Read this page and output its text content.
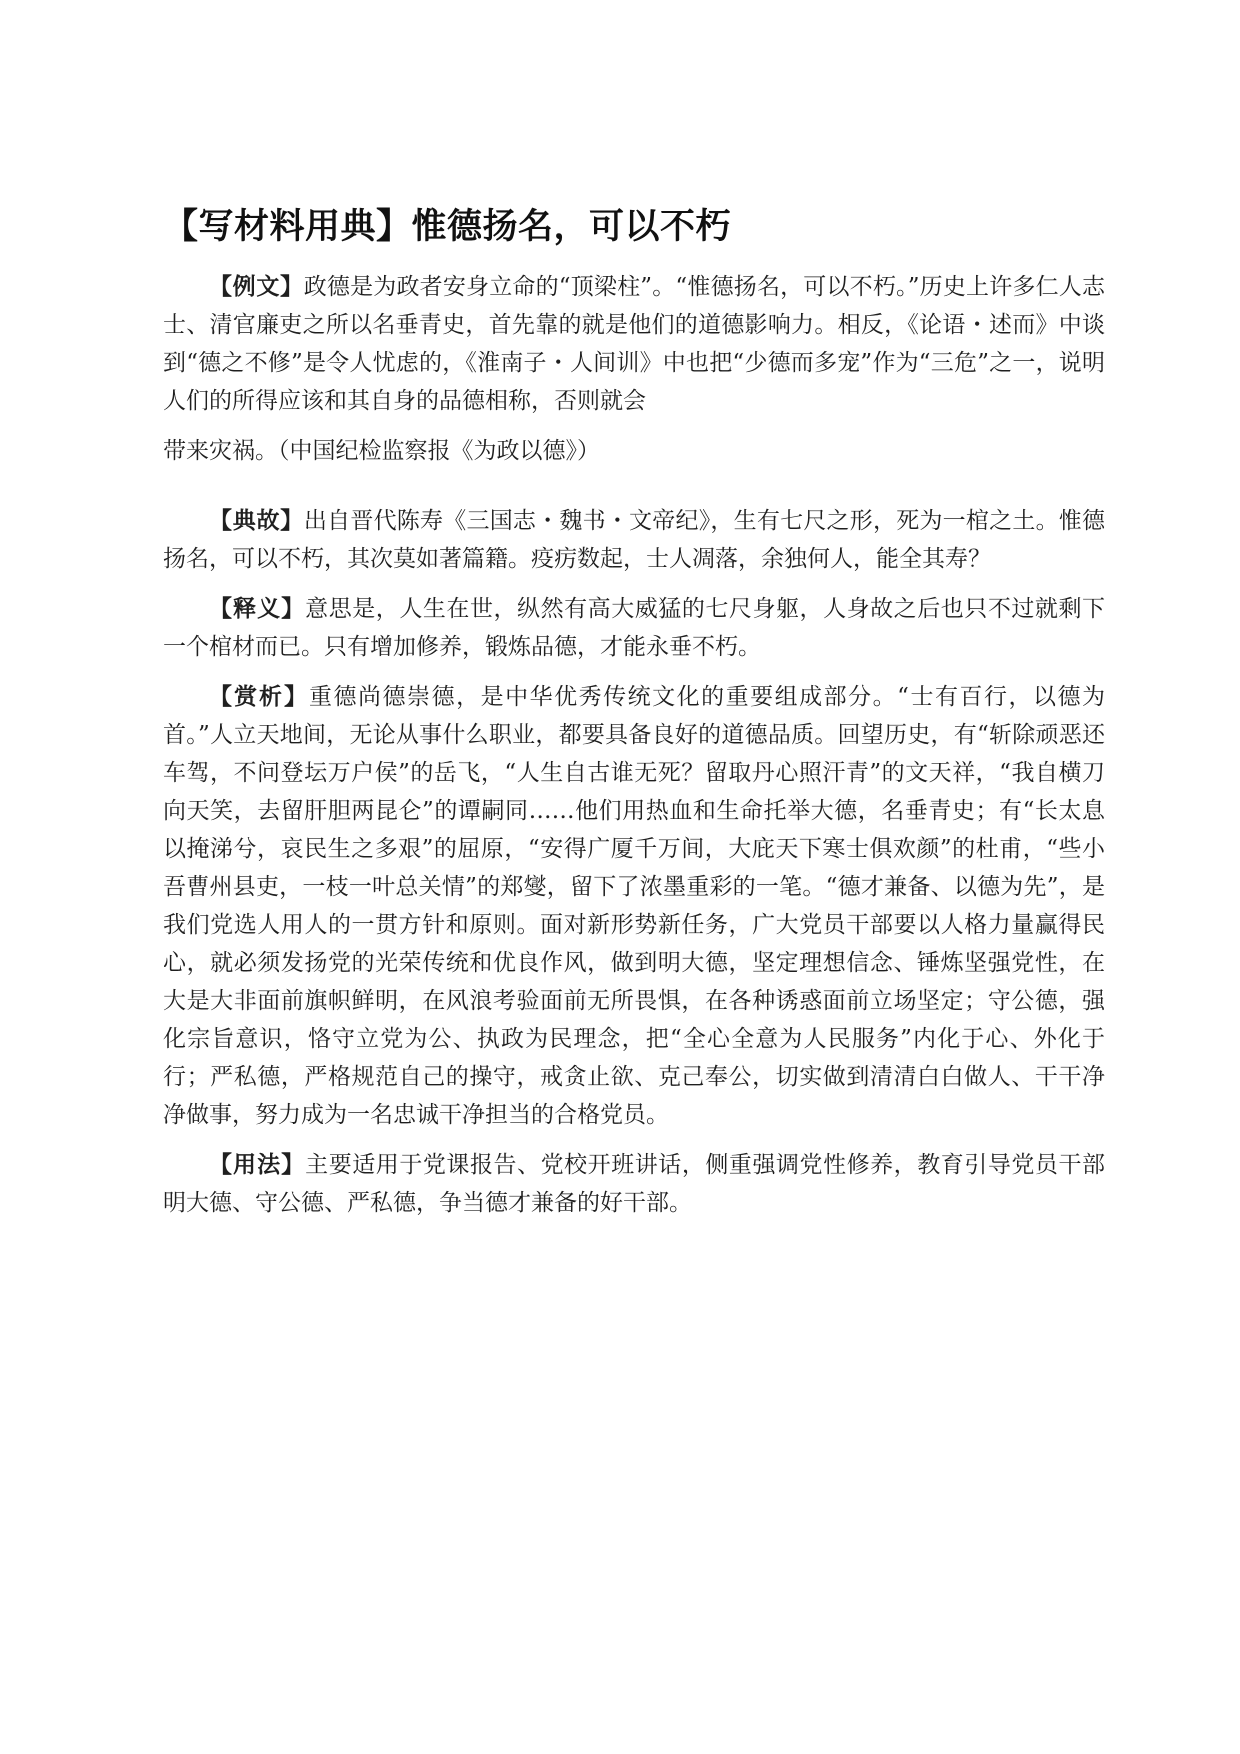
【写材料用典】惟德扬名，可以不朽

【例文】政德是为政者安身立命的“顶梁柱”。“惟德扬名，可以不朽。”历史上许多仁人志士、清官廉吏之所以名垂青史，首先靠的就是他们的道德影响力。相反，《论语・述而》中谈到“德之不修”是令人忧虑的，《淮南子・人间训》中也把“少德而多宠”作为“三危”之一，说明人们的所得应该和其自身的品德相称，否则就会

带来灾祸。（中国纪检监察报《为政以德》）

【典故】出自晋代陈寿《三国志・魏书・文帝纪》，生有七尺之形，死为一棺之土。惟德扬名，可以不朽，其次莫如著篇籍。疫疠数起，士人凋落，余独何人，能全其寿？

【释义】意思是，人生在世，纵然有高大威猛的七尺身躯，人身故之后也只不过就剩下一个棺材而已。只有增加修养，锻炼品德，才能永垂不朽。

【赏析】重德尚德崇德，是中华优秀传统文化的重要组成部分。“士有百行，以德为首。”人立天地间，无论从事什么职业，都要具备良好的道德品质。回望历史，有“斩除顽恶还车驾，不问登坛万户侯”的岳飞，“人生自古谁无死？留取丹心照汗青”的文天祥，“我自横刀向天笑，去留肝胆两昆仑”的谭嗣同……他们用热血和生命托举大德，名垂青史；有“长太息以掩涕兮，哀民生之多艰”的屈原，“安得广厦千万间，大庇天下寒士俱欢颜”的杜甫，“些小吾曹州县吏，一枝一叶总关情”的郑燮，留下了浓墨重彩的一笔。“德才兼备、以德为先”，是我们党选人用人的一贯方针和原则。面对新形势新任务，广大党员干部要以人格力量赢得民心，就必须发扬党的光荣传统和优良作风，做到明大德，坚定理想信念、锤炼坚强党性，在大是大非面前旗帜鲜明，在风浪考验面前无所畏惧，在各种诱惑面前立场坚定；守公德，强化宗旨意识，恪守立党为公、执政为民理念，把“全心全意为人民服务”内化于心、外化于行；严私德，严格规范自己的操守，戒贪止欲、克己奉公，切实做到清清白白做人、干干净净做事，努力成为一名忠诚干净担当的合格党员。

【用法】主要适用于党课报告、党校开班讲话，侧重强调党性修养，教育引导党员干部明大德、守公德、严私德，争当德才兼备的好干部。
